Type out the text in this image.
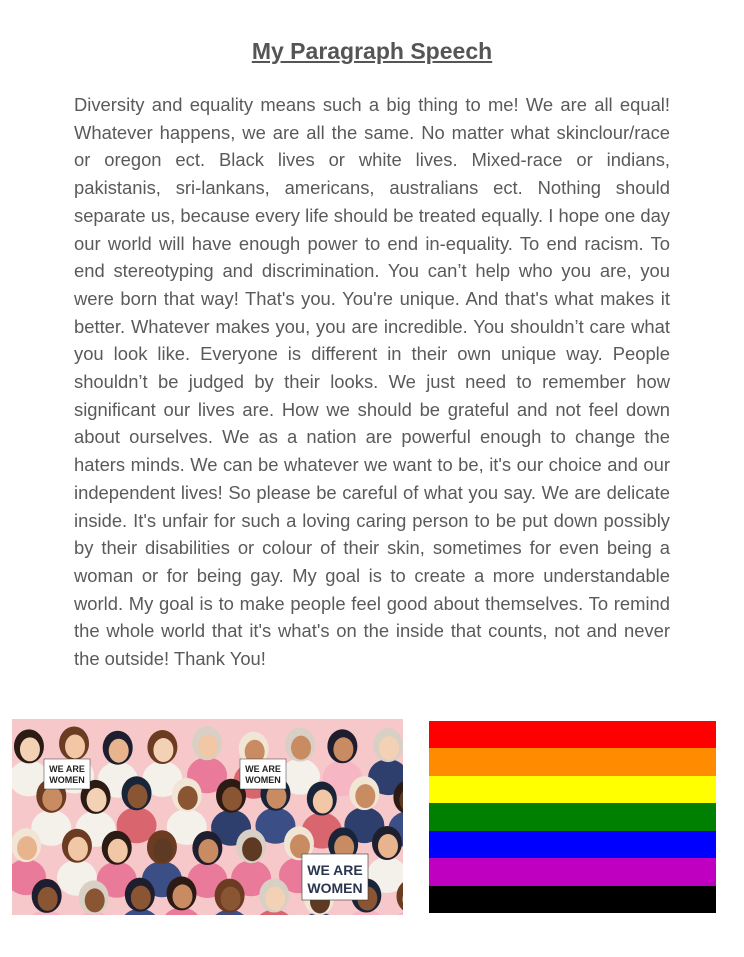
My Paragraph Speech
Diversity and equality means such a big thing to me! We are all equal! Whatever happens, we are all the same. No matter what skinclour/race or oregon ect. Black lives or white lives. Mixed-race or indians, pakistanis, sri-lankans, americans, australians ect. Nothing should separate us, because every life should be treated equally. I hope one day our world will have enough power to end in-equality. To end racism. To end stereotyping and discrimination. You can’t help who you are, you were born that way! That's you. You're unique. And that's what makes it better. Whatever makes you, you are incredible. You shouldn’t care what you look like. Everyone is different in their own unique way. People shouldn’t be judged by their looks. We just need to remember how significant our lives are. How we should be grateful and not feel down about ourselves. We as a nation are powerful enough to change the haters minds. We can be whatever we want to be, it's our choice and our independent lives! So please be careful of what you say. We are delicate inside. It's unfair for such a loving caring person to be put down possibly by their disabilities or colour of their skin, sometimes for even being a woman or for being gay. My goal is to create a more understandable world. My goal is to make people feel good about themselves. To remind the whole world that it's what's on the inside that counts, not and never the outside! Thank You!
WE ARE
WOMEN
WE ARE
WOMEN
WE ARE
WOMEN
